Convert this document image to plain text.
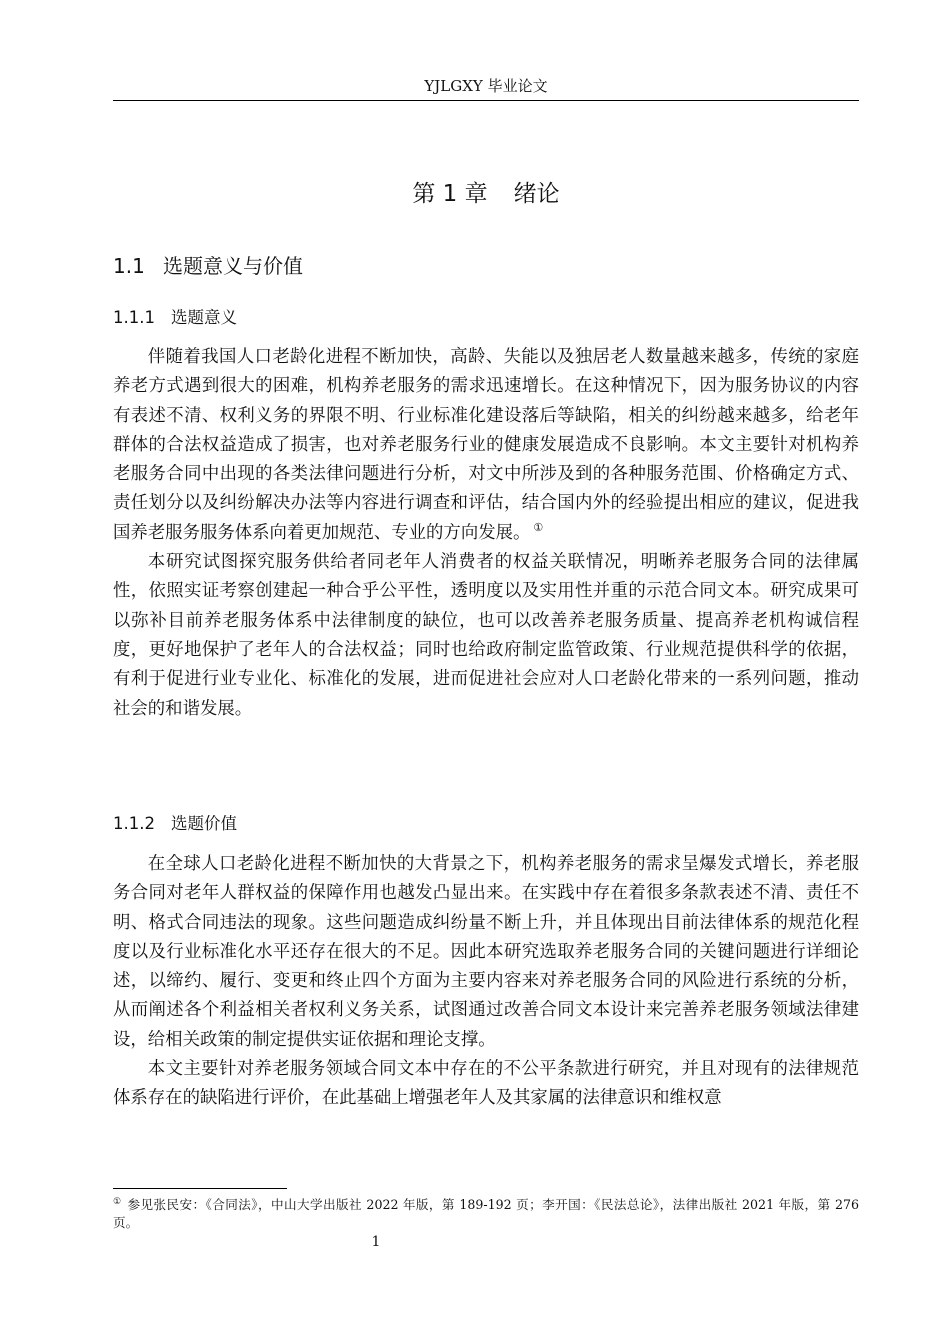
YJLGXY 毕业论文
第 1 章 绪论
1.1 选题意义与价值
1.1.1 选题意义

伴随着我国人口老龄化进程不断加快，高龄、失能以及独居老人数量越来越多，传统的家庭养老方式遇到很大的困难，机构养老服务的需求迅速增长。在这种情况下，因为服务协议的内容有表述不清、权利义务的界限不明、行业标准化建设落后等缺陷，相关的纠纷越来越多，给老年群体的合法权益造成了损害，也对养老服务行业的健康发展造成不良影响。本文主要针对机构养老服务合同中出现的各类法律问题进行分析，对文中所涉及到的各种服务范围、价格确定方式、责任划分以及纠纷解决办法等内容进行调查和评估，结合国内外的经验提出相应的建议，促进我国养老服务服务体系向着更加规范、专业的方向发展。 ①

本研究试图探究服务供给者同老年人消费者的权益关联情况，明晰养老服务合同的法律属性，依照实证考察创建起一种合乎公平性，透明度以及实用性并重的示范合同文本。研究成果可以弥补目前养老服务体系中法律制度的缺位，也可以改善养老服务质量、提高养老机构诚信程度，更好地保护了老年人的合法权益；同时也给政府制定监管政策、行业规范提供科学的依据，有利于促进行业专业化、标准化的发展，进而促进社会应对人口老龄化带来的一系列问题，推动社会的和谐发展。

1.1.2 选题价值

在全球人口老龄化进程不断加快的大背景之下，机构养老服务的需求呈爆发式增长，养老服务合同对老年人群权益的保障作用也越发凸显出来。在实践中存在着很多条款表述不清、责任不明、格式合同违法的现象。这些问题造成纠纷量不断上升，并且体现出目前法律体系的规范化程度以及行业标准化水平还存在很大的不足。因此本研究选取养老服务合同的关键问题进行详细论述，以缔约、履行、变更和终止四个方面为主要内容来对养老服务合同的风险进行系统的分析，从而阐述各个利益相关者权利义务关系，试图通过改善合同文本设计来完善养老服务领域法律建设，给相关政策的制定提供实证依据和理论支撑。

本文主要针对养老服务领域合同文本中存在的不公平条款进行研究，并且对现有的法律规范体系存在的缺陷进行评价，在此基础上增强老年人及其家属的法律意识和维权意

① 参见张民安：《合同法》，中山大学出版社 2022 年版，第 189-192 页；李开国：《民法总论》，法律出版社 2021 年版，第 276 页。
1
